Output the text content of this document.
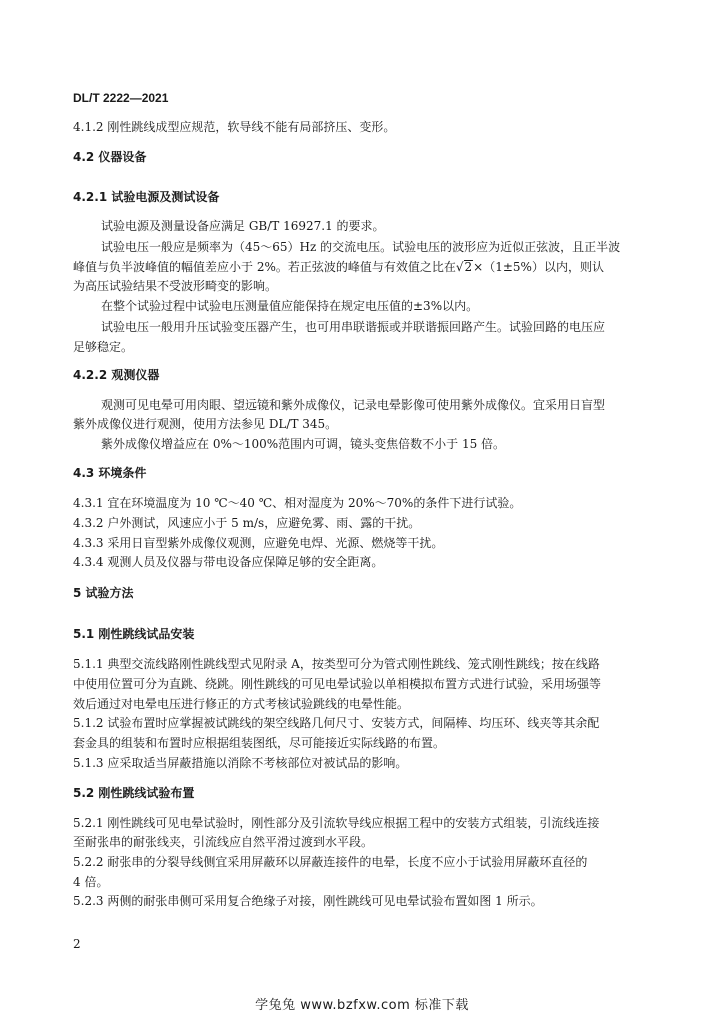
DL/T 2222—2021
4.1.2 刚性跳线成型应规范，软导线不能有局部挤压、变形。
4.2 仪器设备
4.2.1 试验电源及测试设备
试验电源及测量设备应满足 GB/T 16927.1 的要求。
试验电压一般应是频率为（45～65）Hz 的交流电压。试验电压的波形应为近似正弦波，且正半波
峰值与负半波峰值的幅值差应小于 2%。若正弦波的峰值与有效值之比在√2×（1±5%）以内，则认
为高压试验结果不受波形畸变的影响。
在整个试验过程中试验电压测量值应能保持在规定电压值的±3%以内。
试验电压一般用升压试验变压器产生，也可用串联谐振或并联谐振回路产生。试验回路的电压应
足够稳定。
4.2.2 观测仪器
观测可见电晕可用肉眼、望远镜和紫外成像仪，记录电晕影像可使用紫外成像仪。宜采用日盲型
紫外成像仪进行观测，使用方法参见 DL/T 345。
紫外成像仪增益应在 0%～100%范围内可调，镜头变焦倍数不小于 15 倍。
4.3 环境条件
4.3.1 宜在环境温度为 10 ℃～40 ℃、相对湿度为 20%～70%的条件下进行试验。
4.3.2 户外测试，风速应小于 5 m/s，应避免雾、雨、露的干扰。
4.3.3 采用日盲型紫外成像仪观测，应避免电焊、光源、燃烧等干扰。
4.3.4 观测人员及仪器与带电设备应保障足够的安全距离。
5 试验方法
5.1 刚性跳线试品安装
5.1.1 典型交流线路刚性跳线型式见附录 A，按类型可分为管式刚性跳线、笼式刚性跳线；按在线路
中使用位置可分为直跳、绕跳。刚性跳线的可见电晕试验以单相模拟布置方式进行试验，采用场强等
效后通过对电晕电压进行修正的方式考核试验跳线的电晕性能。
5.1.2 试验布置时应掌握被试跳线的架空线路几何尺寸、安装方式，间隔棒、均压环、线夹等其余配
套金具的组装和布置时应根据组装图纸，尽可能接近实际线路的布置。
5.1.3 应采取适当屏蔽措施以消除不考核部位对被试品的影响。
5.2 刚性跳线试验布置
5.2.1 刚性跳线可见电晕试验时，刚性部分及引流软导线应根据工程中的安装方式组装，引流线连接
至耐张串的耐张线夹，引流线应自然平滑过渡到水平段。
5.2.2 耐张串的分裂导线侧宜采用屏蔽环以屏蔽连接件的电晕，长度不应小于试验用屏蔽环直径的
4 倍。
5.2.3 两侧的耐张串侧可采用复合绝缘子对接，刚性跳线可见电晕试验布置如图 1 所示。
2
学兔兔 www.bzfxw.com 标准下载
